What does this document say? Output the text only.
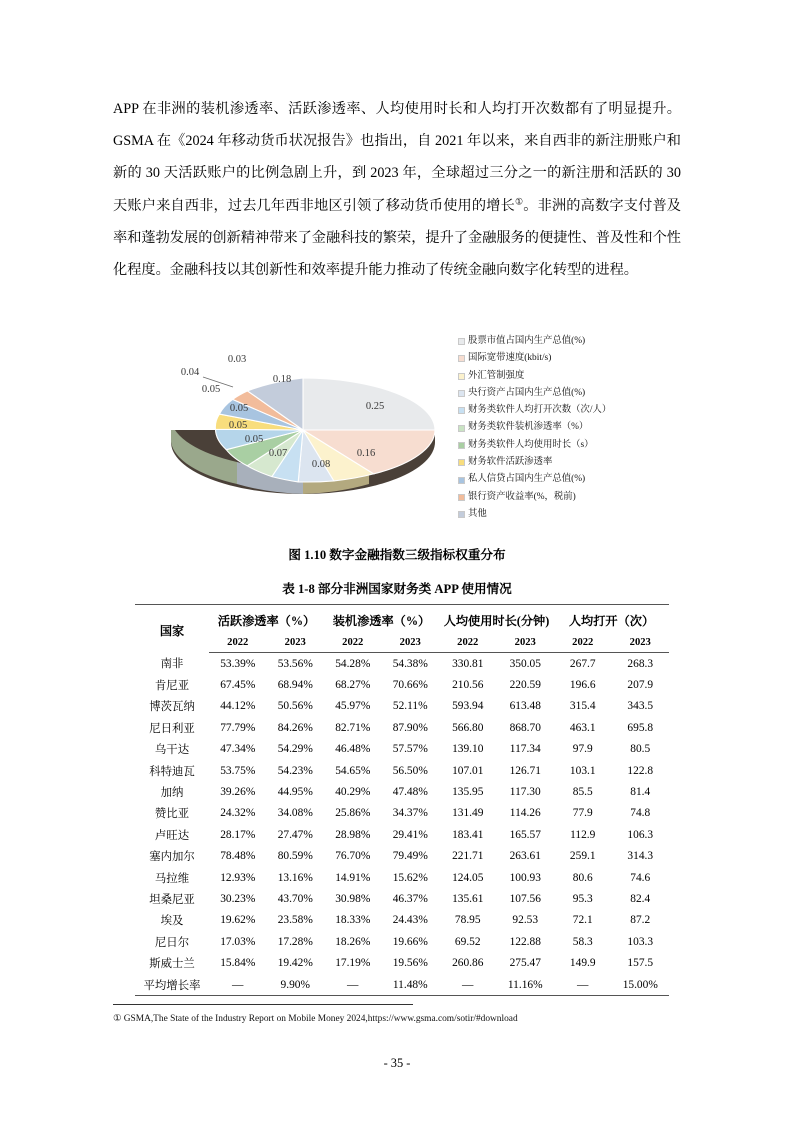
APP 在非洲的装机渗透率、活跃渗透率、人均使用时长和人均打开次数都有了明显提升。GSMA 在《2024 年移动货币状况报告》也指出，自 2021 年以来，来自西非的新注册账户和新的 30 天活跃账户的比例急剧上升，到 2023 年，全球超过三分之一的新注册和活跃的 30 天账户来自西非，过去几年西非地区引领了移动货币使用的增长①。非洲的高数字支付普及率和蓬勃发展的创新精神带来了金融科技的繁荣，提升了金融服务的便捷性、普及性和个性化程度。金融科技以其创新性和效率提升能力推动了传统金融向数字化转型的进程。
0.25
0.16
0.08
0.07
0.05
0.05
0.05
0.05
0.04
0.03
0.18
股票市值占国内生产总值(%)
国际宽带速度(kbit/s)
外汇管制强度
央行资产占国内生产总值(%)
财务类软件人均打开次数（次/人）
财务类软件装机渗透率（%）
财务类软件人均使用时长（s）
财务软件活跃渗透率
私人信贷占国内生产总值(%)
银行资产收益率(%，税前)
其他
图 1.10 数字金融指数三级指标权重分布
表 1-8 部分非洲国家财务类 APP 使用情况
国家	活跃渗透率（%）		装机渗透率（%）		人均使用时长(分钟)		人均打开（次）	
	2022	2023	2022	2023	2022	2023	2022	2023
南非	53.39%	53.56%	54.28%	54.38%	330.81	350.05	267.7	268.3
肯尼亚	67.45%	68.94%	68.27%	70.66%	210.56	220.59	196.6	207.9
博茨瓦纳	44.12%	50.56%	45.97%	52.11%	593.94	613.48	315.4	343.5
尼日利亚	77.79%	84.26%	82.71%	87.90%	566.80	868.70	463.1	695.8
乌干达	47.34%	54.29%	46.48%	57.57%	139.10	117.34	97.9	80.5
科特迪瓦	53.75%	54.23%	54.65%	56.50%	107.01	126.71	103.1	122.8
加纳	39.26%	44.95%	40.29%	47.48%	135.95	117.30	85.5	81.4
赞比亚	24.32%	34.08%	25.86%	34.37%	131.49	114.26	77.9	74.8
卢旺达	28.17%	27.47%	28.98%	29.41%	183.41	165.57	112.9	106.3
塞内加尔	78.48%	80.59%	76.70%	79.49%	221.71	263.61	259.1	314.3
马拉维	12.93%	13.16%	14.91%	15.62%	124.05	100.93	80.6	74.6
坦桑尼亚	30.23%	43.70%	30.98%	46.37%	135.61	107.56	95.3	82.4
埃及	19.62%	23.58%	18.33%	24.43%	78.95	92.53	72.1	87.2
尼日尔	17.03%	17.28%	18.26%	19.66%	69.52	122.88	58.3	103.3
斯威士兰	15.84%	19.42%	17.19%	19.56%	260.86	275.47	149.9	157.5
平均增长率	—	9.90%	—	11.48%	—	11.16%	—	15.00%
① GSMA,The State of the Industry Report on Mobile Money 2024,https://www.gsma.com/sotir/#download
- 35 -
